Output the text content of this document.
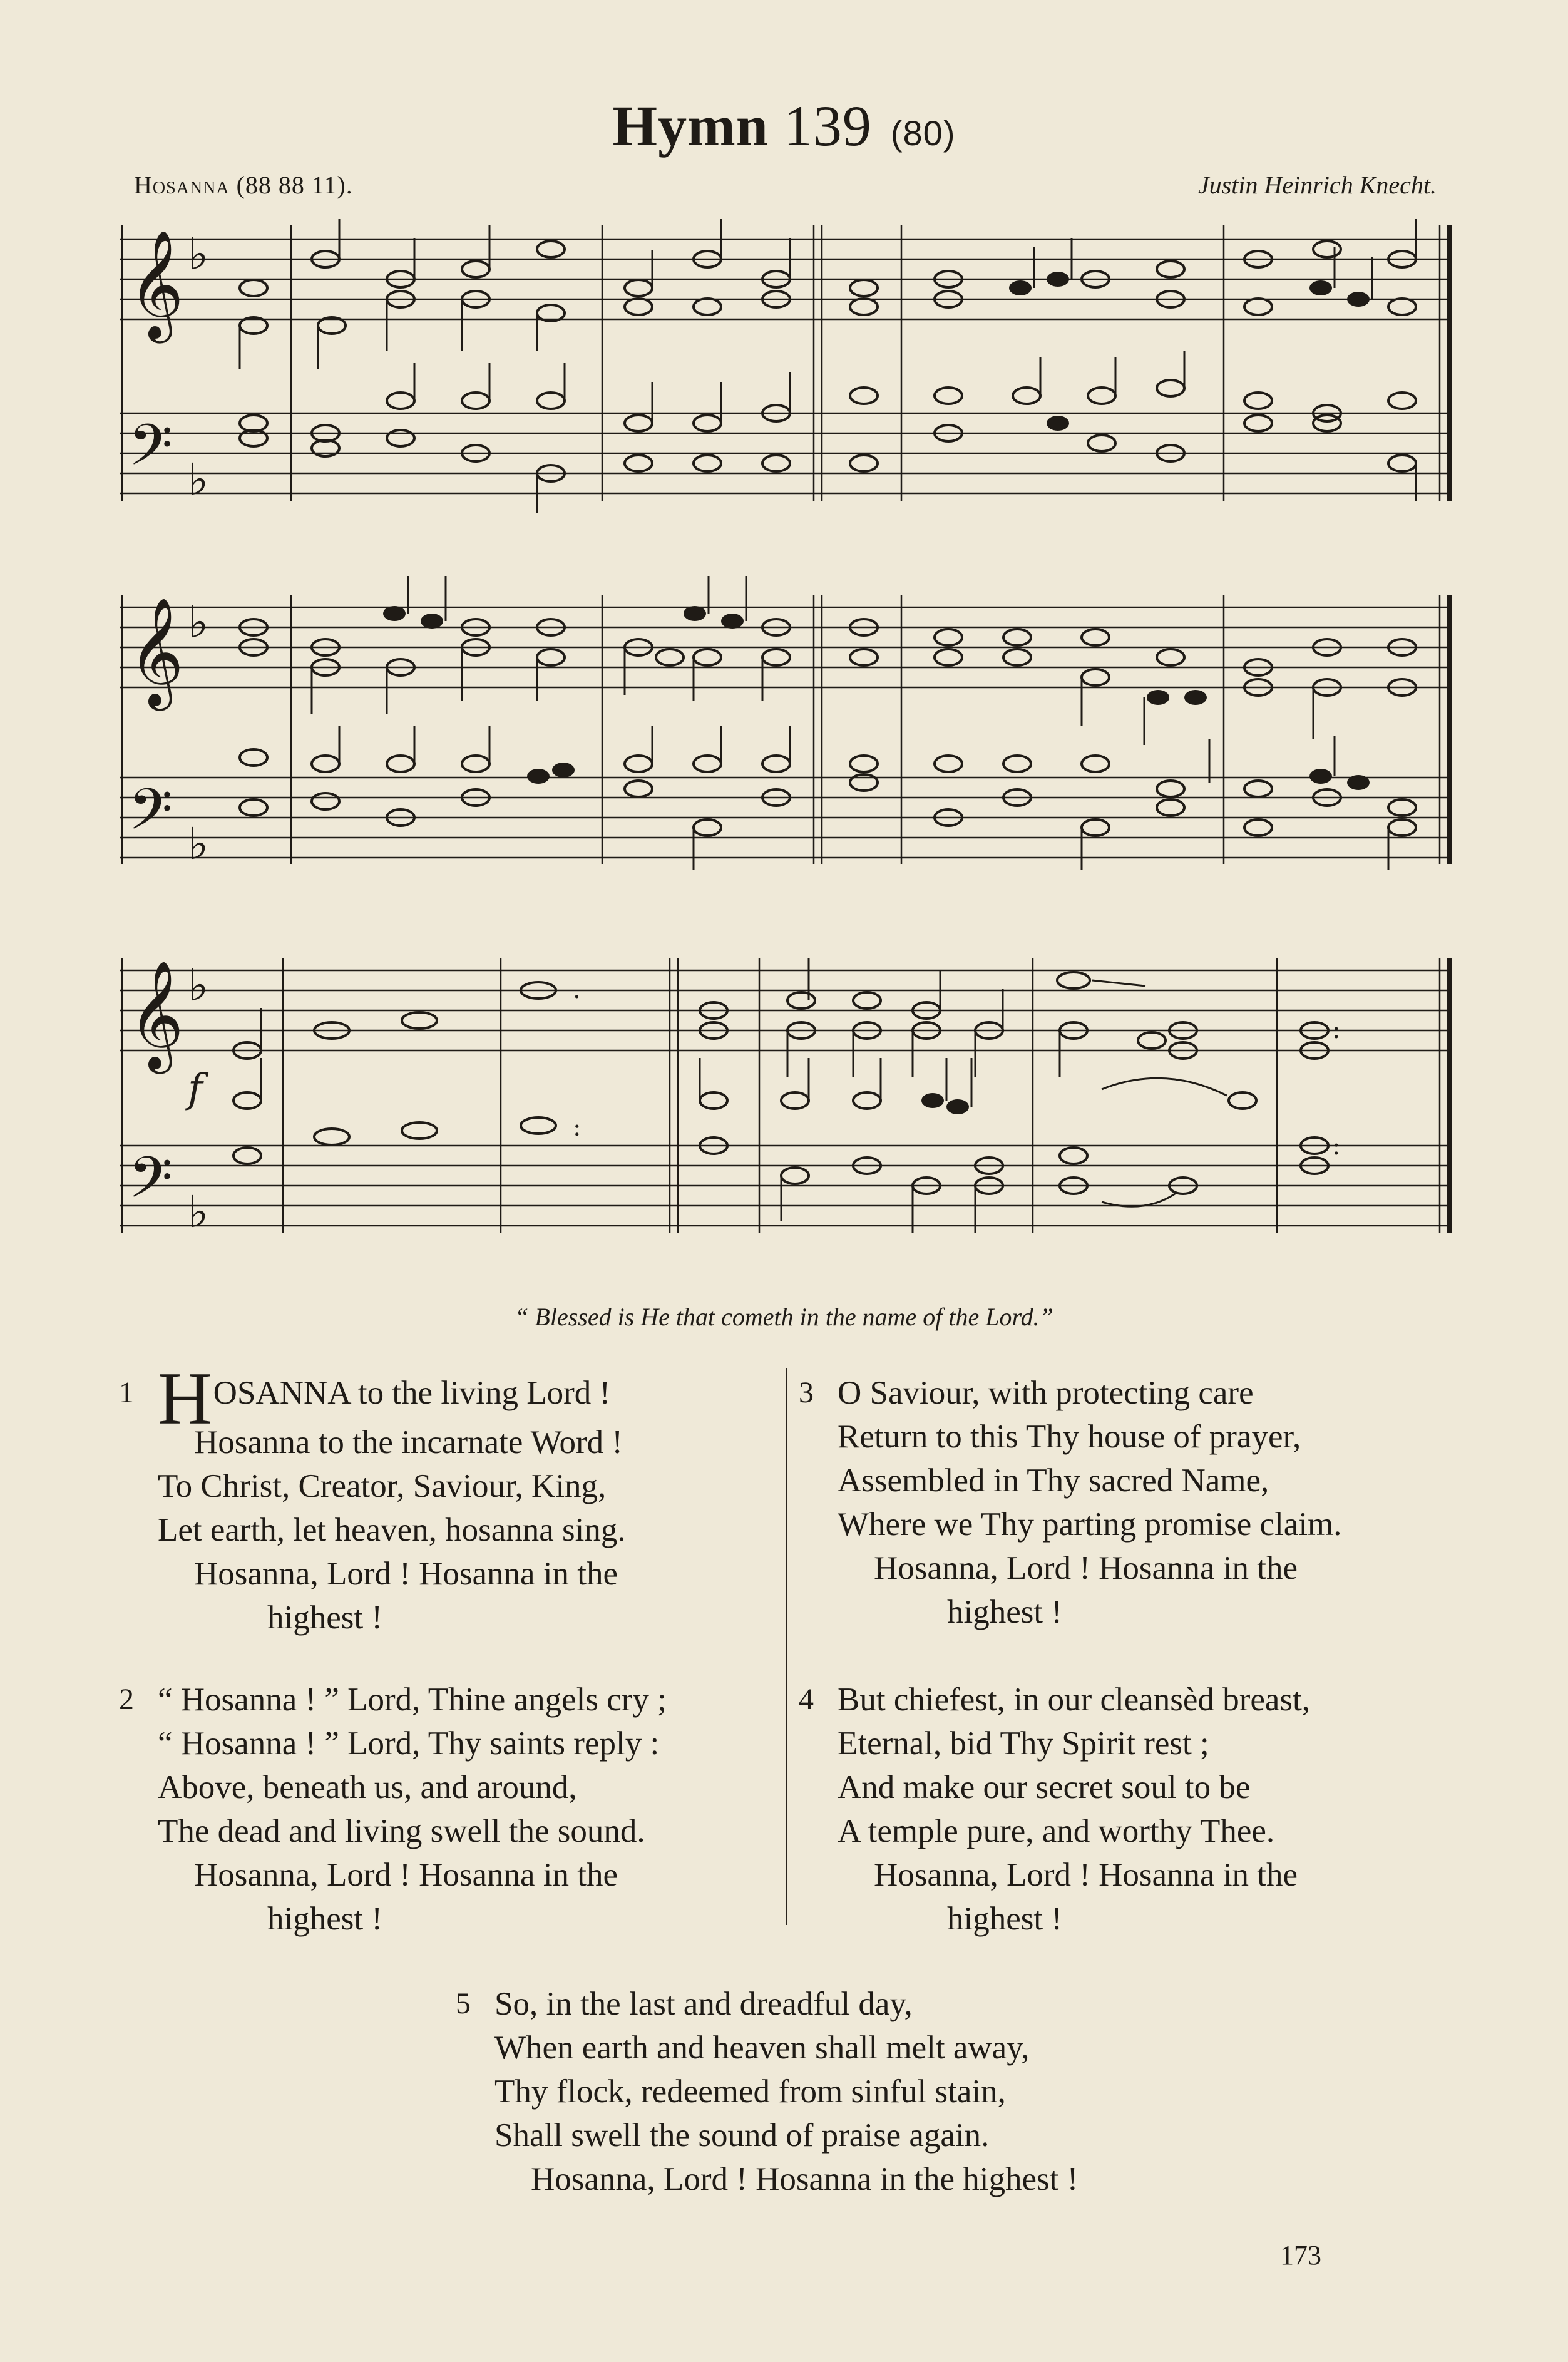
Hymn 139 (80)
Hosanna (88 88 11).	Justin Heinrich Knecht.
𝄞
𝄢
♭
♭
𝄞
𝄢
♭
♭
𝄞
𝄢
♭
♭
f
.
:
:
:
“ Blessed is He that cometh in the name of the Lord.”
1 HOSANNA to the living Lord !
Hosanna to the incarnate Word !
To Christ, Creator, Saviour, King,
Let earth, let heaven, hosanna sing.
Hosanna, Lord ! Hosanna in the
highest !
2 “ Hosanna ! ” Lord, Thine angels cry ;
“ Hosanna ! ” Lord, Thy saints reply :
Above, beneath us, and around,
The dead and living swell the sound.
Hosanna, Lord ! Hosanna in the
highest !
3 O Saviour, with protecting care
Return to this Thy house of prayer,
Assembled in Thy sacred Name,
Where we Thy parting promise claim.
Hosanna, Lord ! Hosanna in the
highest !
4 But chiefest, in our cleansèd breast,
Eternal, bid Thy Spirit rest ;
And make our secret soul to be
A temple pure, and worthy Thee.
Hosanna, Lord ! Hosanna in the
highest !
5 So, in the last and dreadful day,
When earth and heaven shall melt away,
Thy flock, redeemed from sinful stain,
Shall swell the sound of praise again.
Hosanna, Lord ! Hosanna in the highest !
173
